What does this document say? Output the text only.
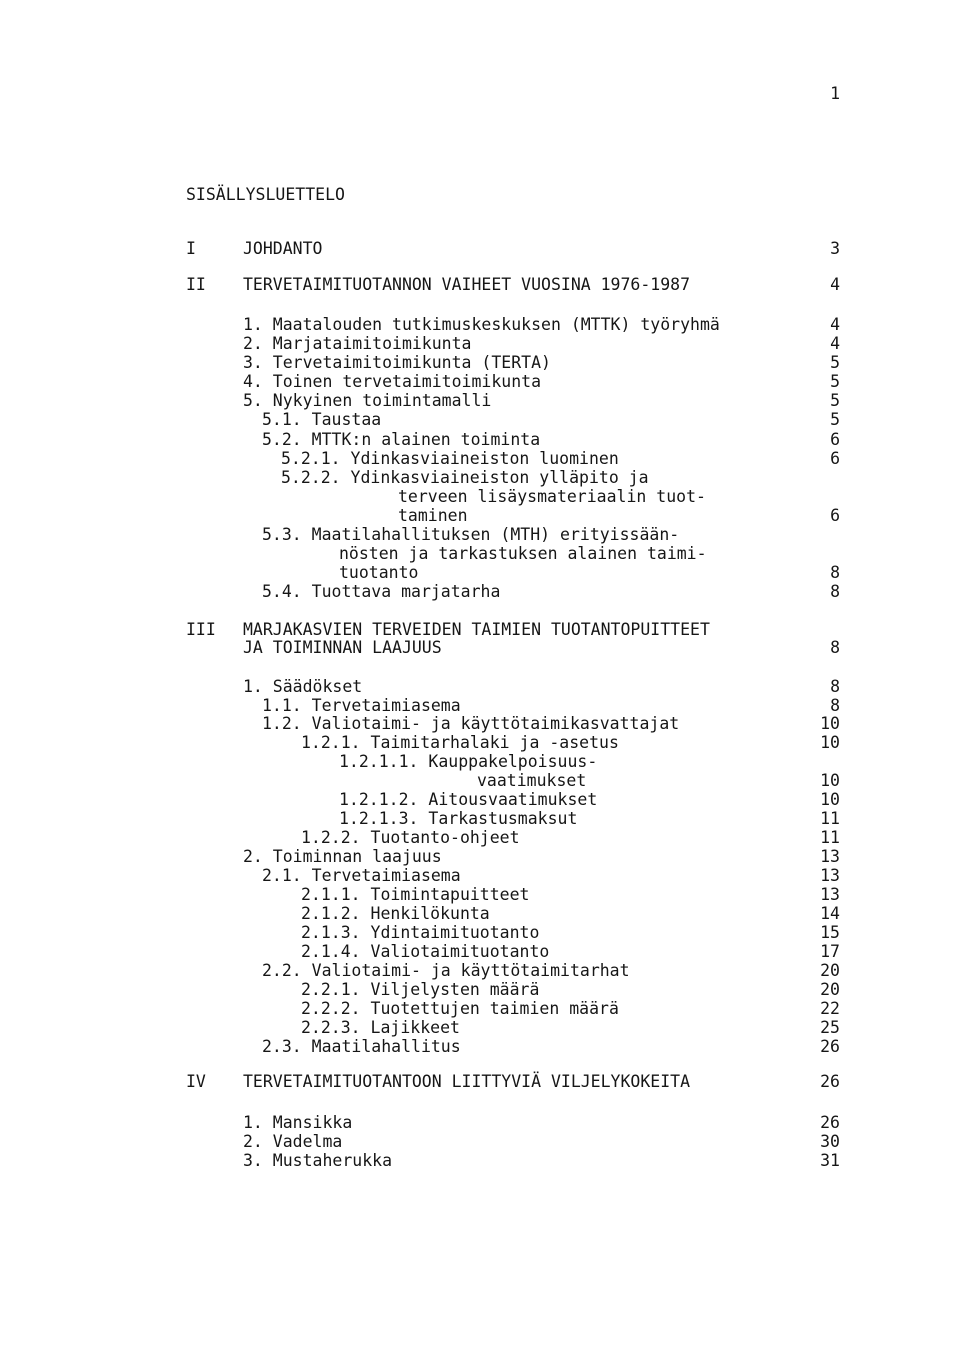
1
SISÄLLYSLUETTELO
I	JOHDANTO	3
II TERVETAIMITUOTANNON VAIHEET VUOSINA 1976-1987	4
1. Maatalouden tutkimuskeskuksen (MTTK) työryhmä	4
2. Marjataimitoimikunta	4
3. Tervetaimitoimikunta (TERTA)	5
4. Toinen tervetaimitoimikunta	5
5. Nykyinen toimintamalli	5
5.1. Taustaa	5
5.2. MTTK:n alainen toiminta	6
5.2.1. Ydinkasviaineiston luominen	6
5.2.2. Ydinkasviaineiston ylläpito ja
terveen lisäysmateriaalin tuot-
taminen	6
5.3. Maatilahallituksen (MTH) erityissään-
nösten ja tarkastuksen alainen taimi-
tuotanto	8
5.4. Tuottava marjatarha	8
III MARJAKASVIEN TERVEIDEN TAIMIEN TUOTANTOPUITTEET
JA TOIMINNAN LAAJUUS	8
1. Säädökset	8
1.1. Tervetaimiasema	8
1.2. Valiotaimi- ja käyttötaimikasvattajat	10
1.2.1. Taimitarhalaki ja -asetus	10
1.2.1.1. Kauppakelpoisuus-
vaatimukset	10
1.2.1.2. Aitousvaatimukset	10
1.2.1.3. Tarkastusmaksut	11
1.2.2. Tuotanto-ohjeet	11
2. Toiminnan laajuus	13
2.1. Tervetaimiasema	13
2.1.1. Toimintapuitteet	13
2.1.2. Henkilökunta	14
2.1.3. Ydintaimituotanto	15
2.1.4. Valiotaimituotanto	17
2.2. Valiotaimi- ja käyttötaimitarhat	20
2.2.1. Viljelysten määrä	20
2.2.2. Tuotettujen taimien määrä	22
2.2.3. Lajikkeet	25
2.3. Maatilahallitus	26
IV TERVETAIMITUOTANTOON LIITTYVIÄ VILJELYKOKEITA	26
1. Mansikka	26
2. Vadelma	30
3. Mustaherukka	31
